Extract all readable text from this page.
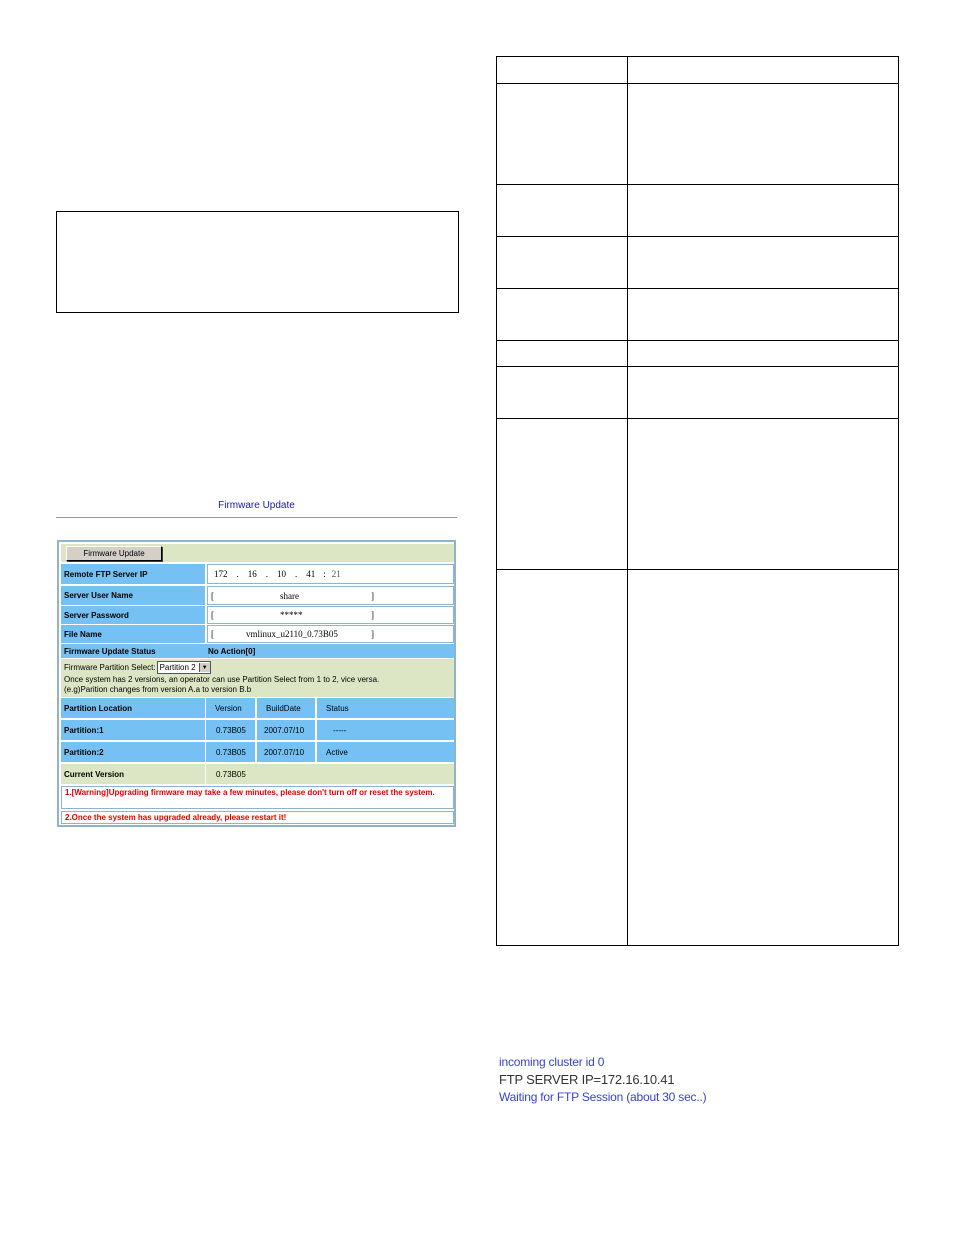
Firmware Update
Firmware Update
Remote FTP Server IP	172 . 16 . 10 . 41 : 21
Server User Name	[	share	]
Server Password	[	*****	]
File Name	[	vmlinux_u2110_0.73B05	]
Firmware Update Status	No Action[0]
Firmware Partition Select: Partition 2	▼
Once system has 2 versions, an operator can use Partition Select from 1 to 2, vice versa.
(e.g)Parition changes from version A.a to version B.b
Partition Location	Version	BuildDate	Status
Partition:1	0.73B05	2007.07/10	-----
Partition:2	0.73B05	2007.07/10	Active
Current Version	0.73B05
1.[Warning]Upgrading firmware may take a few minutes, please don't turn off or reset the system.
2.Once the system has upgraded already, please restart it!
incoming cluster id 0
FTP SERVER IP=172.16.10.41
Waiting for FTP Session (about 30 sec..)
